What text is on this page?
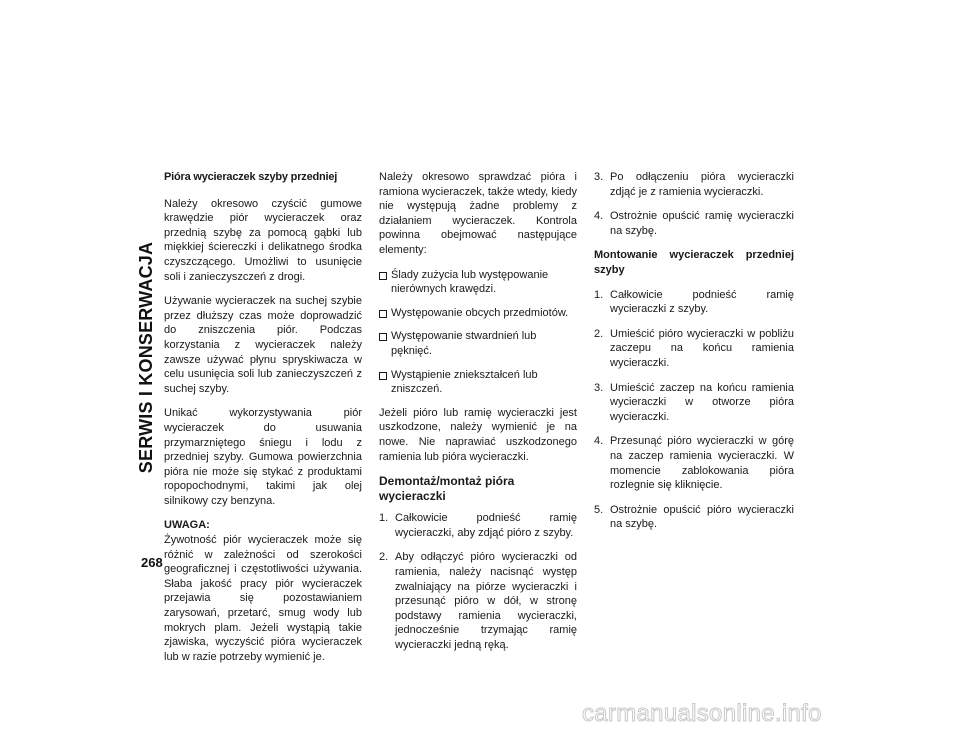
SERWIS I KONSERWACJA
268
Pióra wycieraczek szyby przedniej

Należy okresowo czyścić gumowe krawędzie piór wycieraczek oraz przednią szybę za pomocą gąbki lub miękkiej ściereczki i delikatnego środka czyszczącego. Umożliwi to usunięcie soli i zanieczyszczeń z drogi.

Używanie wycieraczek na suchej szybie przez dłuższy czas może doprowadzić do zniszczenia piór. Podczas korzystania z wycieraczek należy zawsze używać płynu spryskiwacza w celu usunięcia soli lub zanieczyszczeń z suchej szyby.

Unikać wykorzystywania piór wycieraczek do usuwania przymarzniętego śniegu i lodu z przedniej szyby. Gumowa powierzchnia pióra nie może się stykać z produktami ropopochodnymi, takimi jak olej silnikowy czy benzyna.

UWAGA:

Żywotność piór wycieraczek może się różnić w zależności od szerokości geograficznej i częstotliwości używania. Słaba jakość pracy piór wycieraczek przejawia się pozostawianiem zarysowań, przetarć, smug wody lub mokrych plam. Jeżeli wystąpią takie zjawiska, wyczyścić pióra wycieraczek lub w razie potrzeby wymienić je.

Należy okresowo sprawdzać pióra i ramiona wycieraczek, także wtedy, kiedy nie występują żadne problemy z działaniem wycieraczek. Kontrola powinna obejmować następujące elementy:

Ślady zużycia lub występowanie nierównych krawędzi.
Występowanie obcych przedmiotów.
Występowanie stwardnień lub pęknięć.
Wystąpienie zniekształceń lub zniszczeń.

Jeżeli pióro lub ramię wycieraczki jest uszkodzone, należy wymienić je na nowe. Nie naprawiać uszkodzonego ramienia lub pióra wycieraczki.

Demontaż/montaż pióra wycieraczki
1. Całkowicie podnieść ramię wycieraczki, aby zdjąć pióro z szyby.
2. Aby odłączyć pióro wycieraczki od ramienia, należy nacisnąć występ zwalniający na piórze wycieraczki i przesunąć pióro w dół, w stronę podstawy ramienia wycieraczki, jednocześnie trzymając ramię wycieraczki jedną ręką.
3. Po odłączeniu pióra wycieraczki zdjąć je z ramienia wycieraczki.
4. Ostrożnie opuścić ramię wycieraczki na szybę.
Montowanie wycieraczek przedniej szyby
1. Całkowicie podnieść ramię wycieraczki z szyby.
2. Umieścić pióro wycieraczki w pobliżu zaczepu na końcu ramienia wycieraczki.
3. Umieścić zaczep na końcu ramienia wycieraczki w otworze pióra wycieraczki.
4. Przesunąć pióro wycieraczki w górę na zaczep ramienia wycieraczki. W momencie zablokowania pióra rozlegnie się kliknięcie.
5. Ostrożnie opuścić pióro wycieraczki na szybę.
carmanualsonline.info
